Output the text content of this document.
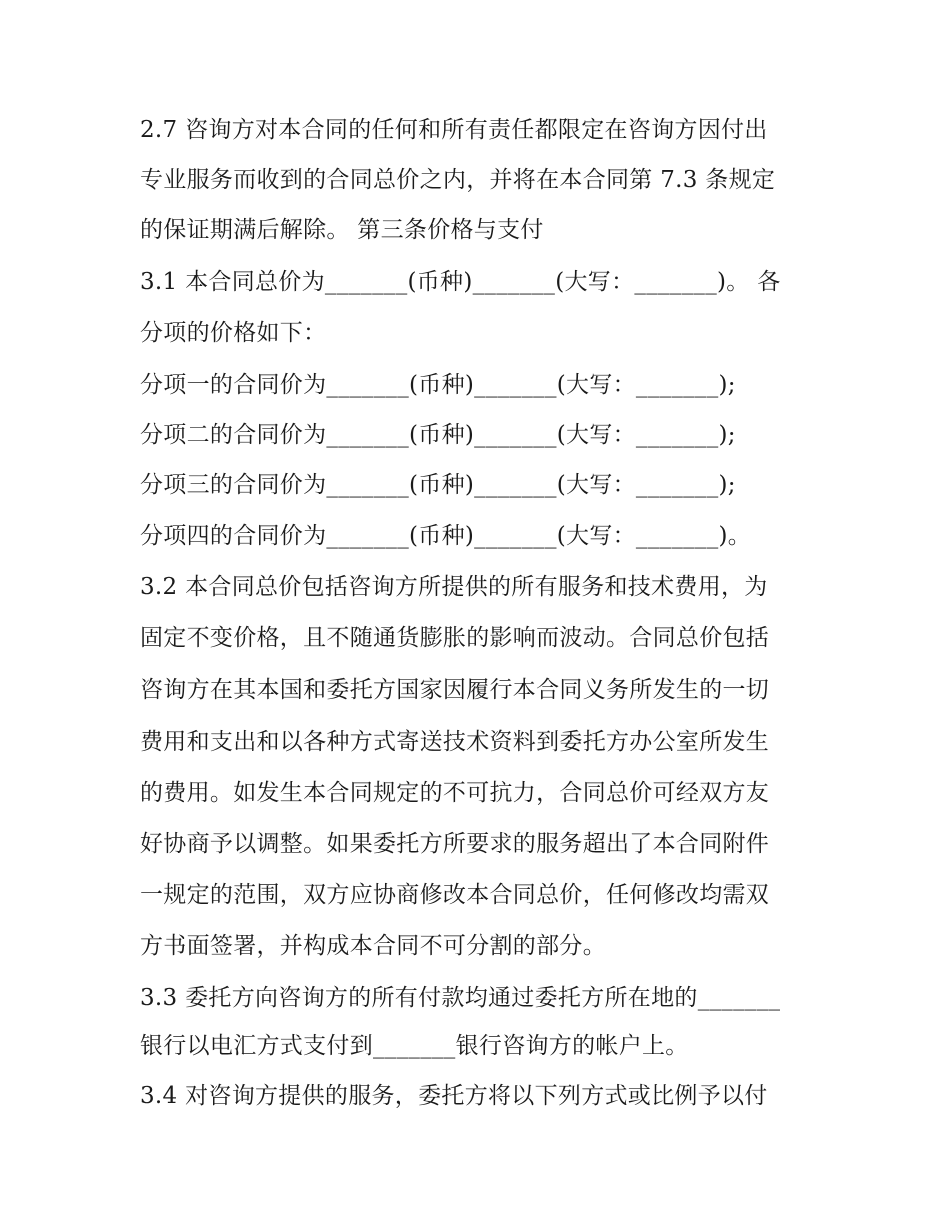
2.7 咨询方对本合同的任何和所有责任都限定在咨询方因付出
专业服务而收到的合同总价之内，并将在本合同第 7.3 条规定
的保证期满后解除。 第三条价格与支付
3.1 本合同总价为_______(币种)_______(大写：_______)。 各
分项的价格如下：
分项一的合同价为_______(币种)_______(大写：_______);
分项二的合同价为_______(币种)_______(大写：_______);
分项三的合同价为_______(币种)_______(大写：_______);
分项四的合同价为_______(币种)_______(大写：_______)。
3.2 本合同总价包括咨询方所提供的所有服务和技术费用，为
固定不变价格，且不随通货膨胀的影响而波动。合同总价包括
咨询方在其本国和委托方国家因履行本合同义务所发生的一切
费用和支出和以各种方式寄送技术资料到委托方办公室所发生
的费用。如发生本合同规定的不可抗力，合同总价可经双方友
好协商予以调整。如果委托方所要求的服务超出了本合同附件
一规定的范围，双方应协商修改本合同总价，任何修改均需双
方书面签署，并构成本合同不可分割的部分。
3.3 委托方向咨询方的所有付款均通过委托方所在地的_______
银行以电汇方式支付到_______银行咨询方的帐户上。
3.4 对咨询方提供的服务，委托方将以下列方式或比例予以付
